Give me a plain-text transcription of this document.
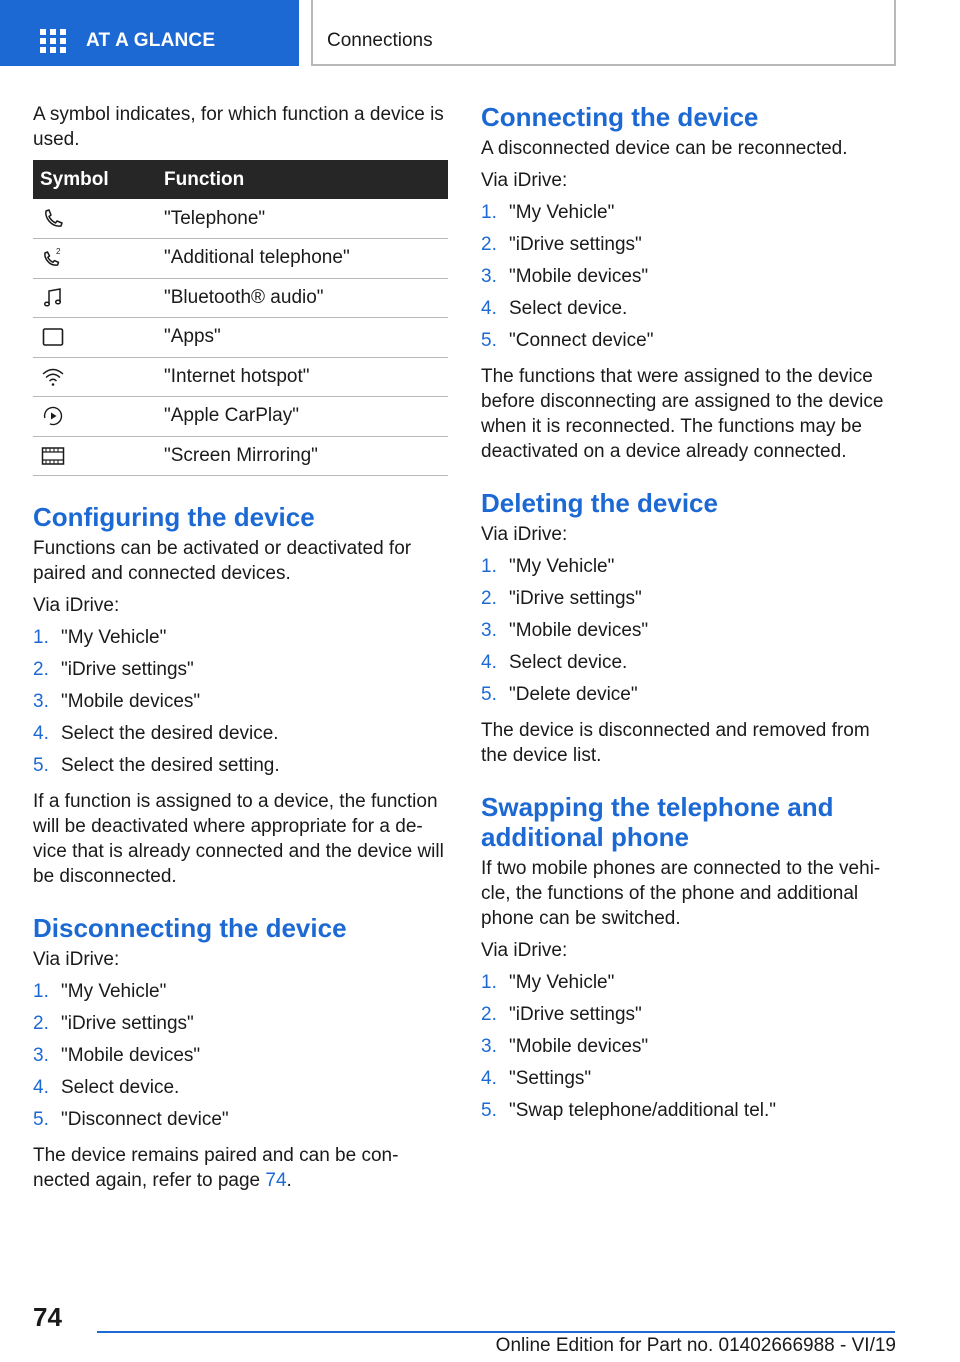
AT A GLANCE	Connections

A symbol indicates, for which function a device is used.

Symbol	Function
	"Telephone"

2	"Additional telephone"
	"Bluetooth® audio"
	"Apps"
	"Internet hotspot"
	"Apple CarPlay"
	"Screen Mirroring"
Configuring the device

Functions can be activated or deactivated for paired and connected devices.

Via iDrive:

1. "My Vehicle"
2. "iDrive settings"
3. "Mobile devices"
4. Select the desired device.
5. Select the desired setting.

If a function is assigned to a device, the function will be deactivated where appropriate for a device that is already connected and the device will be disconnected.

Disconnecting the device

Via iDrive:

1. "My Vehicle"
2. "iDrive settings"
3. "Mobile devices"
4. Select device.
5. "Disconnect device"

The device remains paired and can be connected again, refer to page 74.

Connecting the device

A disconnected device can be reconnected.

Via iDrive:

1. "My Vehicle"
2. "iDrive settings"
3. "Mobile devices"
4. Select device.
5. "Connect device"

The functions that were assigned to the device before disconnecting are assigned to the device when it is reconnected. The functions may be deactivated on a device already connected.

Deleting the device

Via iDrive:

1. "My Vehicle"
2. "iDrive settings"
3. "Mobile devices"
4. Select device.
5. "Delete device"

The device is disconnected and removed from the device list.

Swapping the telephone and additional phone

If two mobile phones are connected to the vehicle, the functions of the phone and additional phone can be switched.

Via iDrive:

1. "My Vehicle"
2. "iDrive settings"
3. "Mobile devices"
4. "Settings"
5. "Swap telephone/additional tel."
74
Online Edition for Part no. 01402666988 - VI/19
